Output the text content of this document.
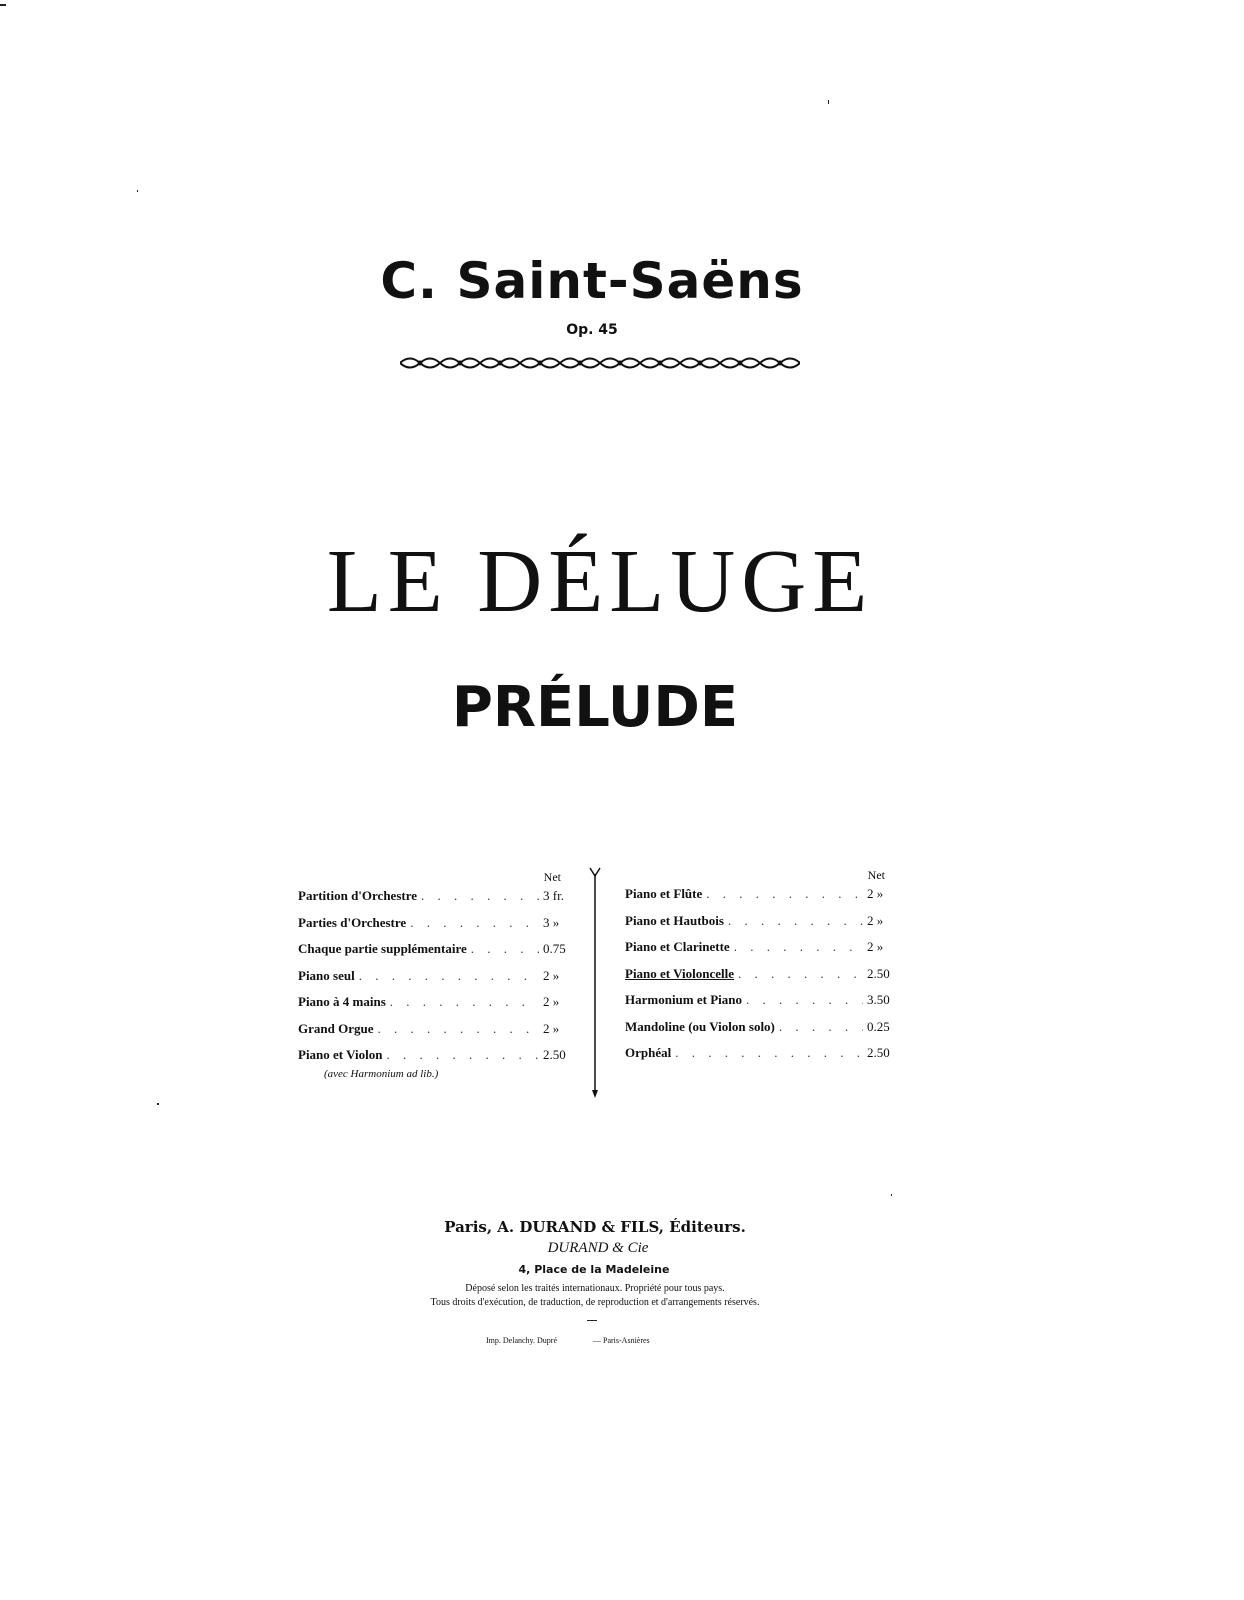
C. Saint-Saëns
Op. 45
LE DÉLUGE
PRÉLUDE
Net
Partition d'Orchestre . . .	3 fr.
Parties d'Orchestre . . .	3 »
Chaque partie supplémentaire . . .	0.75
Piano seul . . .	2 »
Piano à 4 mains . . .	2 »
Grand Orgue . . .	2 »
Piano et Violon . . .	2.50
(avec Harmonium ad lib.)
Net
Piano et Flûte . . .	2 »
Piano et Hautbois . . .	2 »
Piano et Clarinette . . .	2 »
Piano et Violoncelle . . .	2.50
Harmonium et Piano . . .	3.50
Mandoline (ou Violon solo) . . .	0.25
Orphéal . . .	2.50
Paris, A. DURAND & FILS, Éditeurs.
DURAND & Cie
4, Place de la Madeleine
Déposé selon les traités internationaux. Propriété pour tous pays.
Tous droits d'exécution, de traduction, de reproduction et d'arrangements réservés.
Imp. Delanchy. Dupré	— Paris-Asnières
